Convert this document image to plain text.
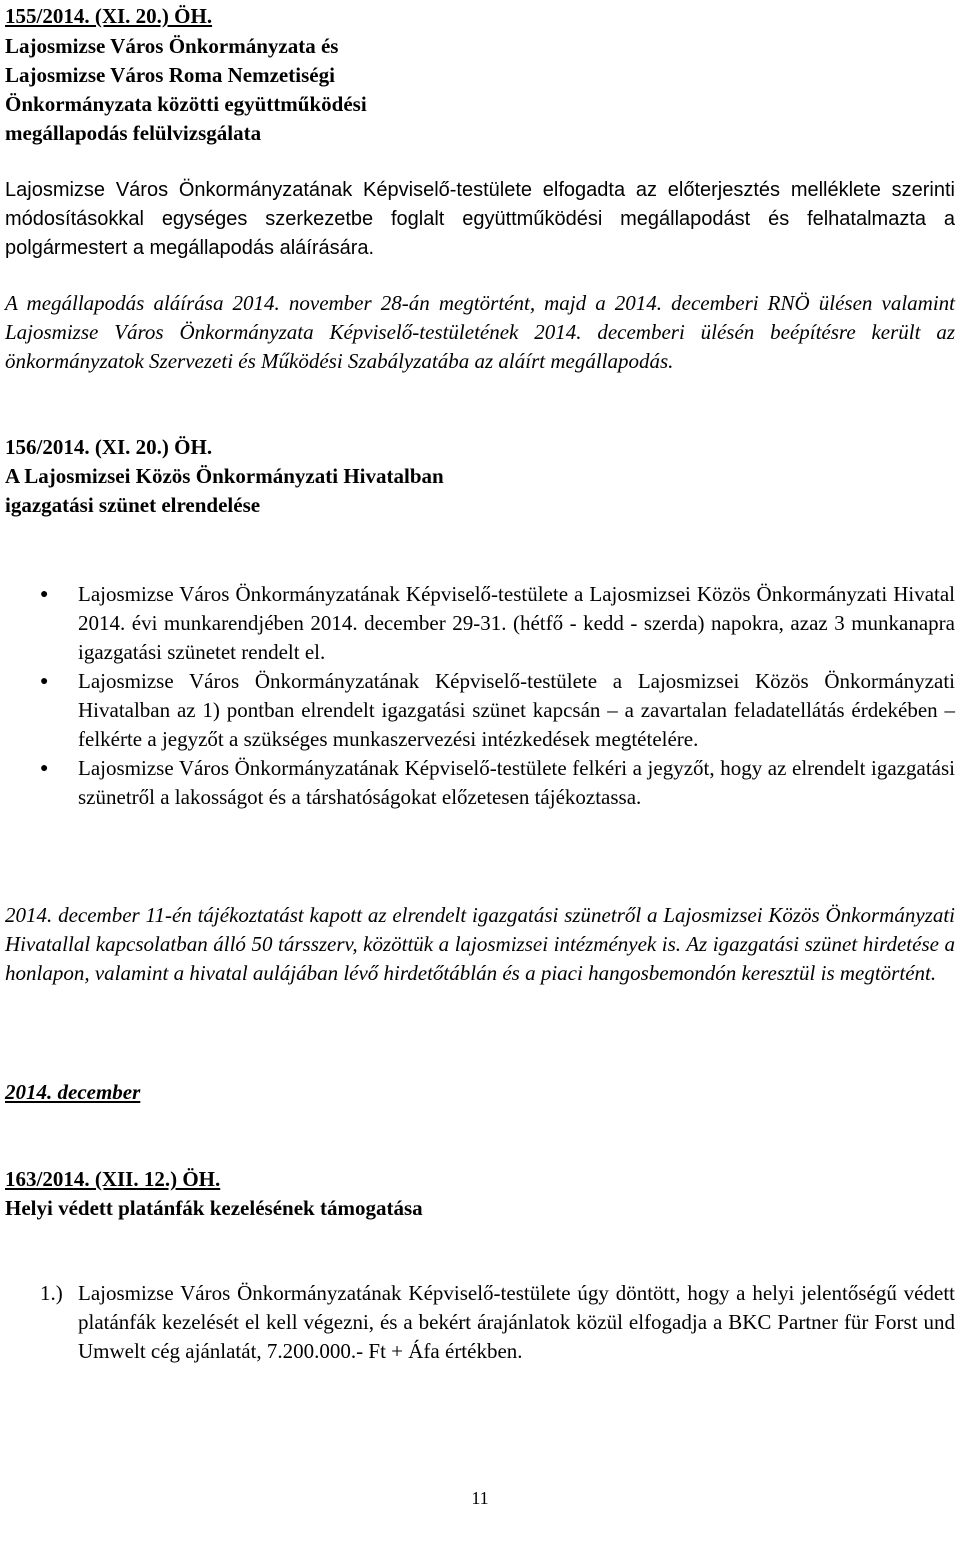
155/2014. (XI. 20.) ÖH.
Lajosmizse Város Önkormányzata és
Lajosmizse Város Roma Nemzetiségi
Önkormányzata közötti együttműködési
megállapodás felülvizsgálata

Lajosmizse Város Önkormányzatának Képviselő-testülete elfogadta az előterjesztés melléklete szerinti módosításokkal egységes szerkezetbe foglalt együttműködési megállapodást és felhatalmazta a polgármestert a megállapodás aláírására.

A megállapodás aláírása 2014. november 28-án megtörtént, majd a 2014. decemberi RNÖ ülésen valamint Lajosmizse Város Önkormányzata Képviselő-testületének 2014. decemberi ülésén beépítésre került az önkormányzatok Szervezeti és Működési Szabályzatába az aláírt megállapodás.

156/2014. (XI. 20.) ÖH.
A Lajosmizsei Közös Önkormányzati Hivatalban
igazgatási szünet elrendelése
● Lajosmizse Város Önkormányzatának Képviselő-testülete a Lajosmizsei Közös Önkormányzati Hivatal 2014. évi munkarendjében 2014. december 29-31. (hétfő - kedd - szerda) napokra, azaz 3 munkanapra igazgatási szünetet rendelt el.
● Lajosmizse Város Önkormányzatának Képviselő-testülete a Lajosmizsei Közös Önkormányzati Hivatalban az 1) pontban elrendelt igazgatási szünet kapcsán – a zavartalan feladatellátás érdekében – felkérte a jegyzőt a szükséges munkaszervezési intézkedések megtételére.
● Lajosmizse Város Önkormányzatának Képviselő-testülete felkéri a jegyzőt, hogy az elrendelt igazgatási szünetről a lakosságot és a társhatóságokat előzetesen tájékoztassa.

2014. december 11-én tájékoztatást kapott az elrendelt igazgatási szünetről a Lajosmizsei Közös Önkormányzati Hivatallal kapcsolatban álló 50 társszerv, közöttük a lajosmizsei intézmények is. Az igazgatási szünet hirdetése a honlapon, valamint a hivatal aulájában lévő hirdetőtáblán és a piaci hangosbemondón keresztül is megtörtént.

2014. december
163/2014. (XII. 12.) ÖH.
Helyi védett platánfák kezelésének támogatása
1.) Lajosmizse Város Önkormányzatának Képviselő-testülete úgy döntött, hogy a helyi jelentőségű védett platánfák kezelését el kell végezni, és a bekért árajánlatok közül elfogadja a BKC Partner für Forst und Umwelt cég ajánlatát, 7.200.000.- Ft + Áfa értékben.
11
